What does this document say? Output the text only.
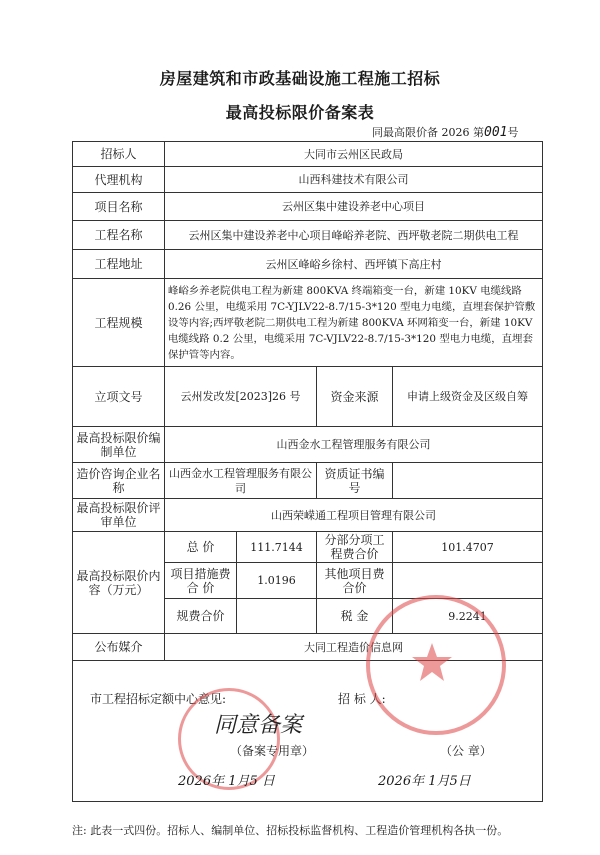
房屋建筑和市政基础设施工程施工招标
最高投标限价备案表
同最高限价备 2026 第001号
招标人	大同市云州区民政局			
代理机构	山西科建技术有限公司			
项目名称	云州区集中建设养老中心项目			
工程名称	云州区集中建设养老中心项目峰峪养老院、西坪敬老院二期供电工程			
工程地址	云州区峰峪乡徐村、西坪镇下高庄村			
工程规模	峰峪乡养老院供电工程为新建 800KVA 终端箱变一台，新建 10KV 电缆线路 0.26 公里，电缆采用 7C-YJLV22-8.7/15-3*120 型电力电缆，直埋套保护管敷设等内容;西坪敬老院二期供电工程为新建 800KVA 环网箱变一台，新建 10KV 电缆线路 0.2 公里，电缆采用 7C-VJLV22-8.7/15-3*120 型电力电缆，直埋套保护管等内容。			
立项文号	云州发改发[2023]26 号		资金来源	申请上级资金及区级自筹
最高投标限价编制单位	山西金水工程管理服务有限公司			
造价咨询企业名称	山西金水工程管理服务有限公司		资质证书编号	
最高投标限价评审单位	山西荣嵘通工程项目管理有限公司			
最高投标限价内容（万元）	总 价	111.7144	分部分项工程费合价	101.4707
	项目措施费合 价	1.0196	其他项目费合价	
	规费合价		税 金	9.2241
公布媒介	大同工程造价信息网			

市工程招标定额中心意见:	招 标 人:
同意备案
（备案专用章）
2026年 1月5 日
（公 章）
2026年 1月5日
注: 此表一式四份。招标人、编制单位、招标投标监督机构、工程造价管理机构各执一份。
